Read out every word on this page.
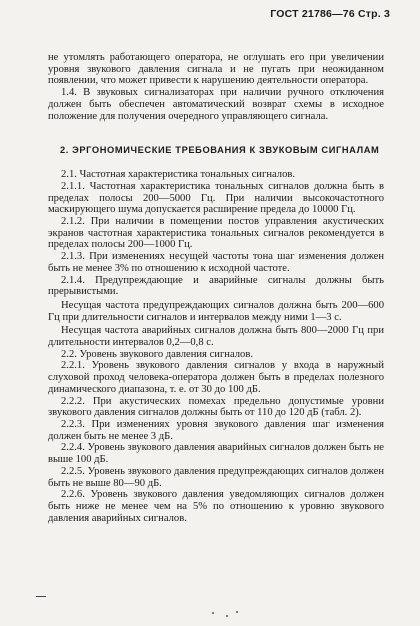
ГОСТ 21786—76 Стр. 3

не утомлять работающего оператора, не оглушать его при увеличении уровня звукового давления сигнала и не пугать при неожиданном появлении, что может привести к нарушению деятельности оператора.

1.4. В звуковых сигнализаторах при наличии ручного отключения должен быть обеспечен автоматический возврат схемы в исходное положение для получения очередного управляющего сигнала.

2. ЭРГОНОМИЧЕСКИЕ ТРЕБОВАНИЯ К ЗВУКОВЫМ СИГНАЛАМ

2.1. Частотная характеристика тональных сигналов.

2.1.1. Частотная характеристика тональных сигналов должна быть в пределах полосы 200—5000 Гц. При наличии высокочастотного маскирующего шума допускается расширение предела до 10000 Гц.

2.1.2. При наличии в помещении постов управления акустических экранов частотная характеристика тональных сигналов рекомендуется в пределах полосы 200—1000 Гц.

2.1.3. При изменениях несущей частоты тона шаг изменения должен быть не менее 3% по отношению к исходной частоте.

2.1.4. Предупреждающие и аварийные сигналы должны быть прерывистыми.

Несущая частота предупреждающих сигналов должна быть 200—600 Гц при длительности сигналов и интервалов между ними 1—3 с.

Несущая частота аварийных сигналов должна быть 800—2000 Гц при длительности интервалов 0,2—0,8 с.

2.2. Уровень звукового давления сигналов.

2.2.1. Уровень звукового давления сигналов у входа в наружный слуховой проход человека-оператора должен быть в пределах полезного динамического диапазона, т. е. от 30 до 100 дБ.

2.2.2. При акустических помехах предельно допустимые уровни звукового давления сигналов должны быть от 110 до 120 дБ (табл. 2).

2.2.3. При изменениях уровня звукового давления шаг изменения должен быть не менее 3 дБ.

2.2.4. Уровень звукового давления аварийных сигналов должен быть не выше 100 дБ.

2.2.5. Уровень звукового давления предупреждающих сигналов должен быть не выше 80—90 дБ.

2.2.6. Уровень звукового давления уведомляющих сигналов должен быть ниже не менее чем на 5% по отношению к уровню звукового давления аварийных сигналов.
